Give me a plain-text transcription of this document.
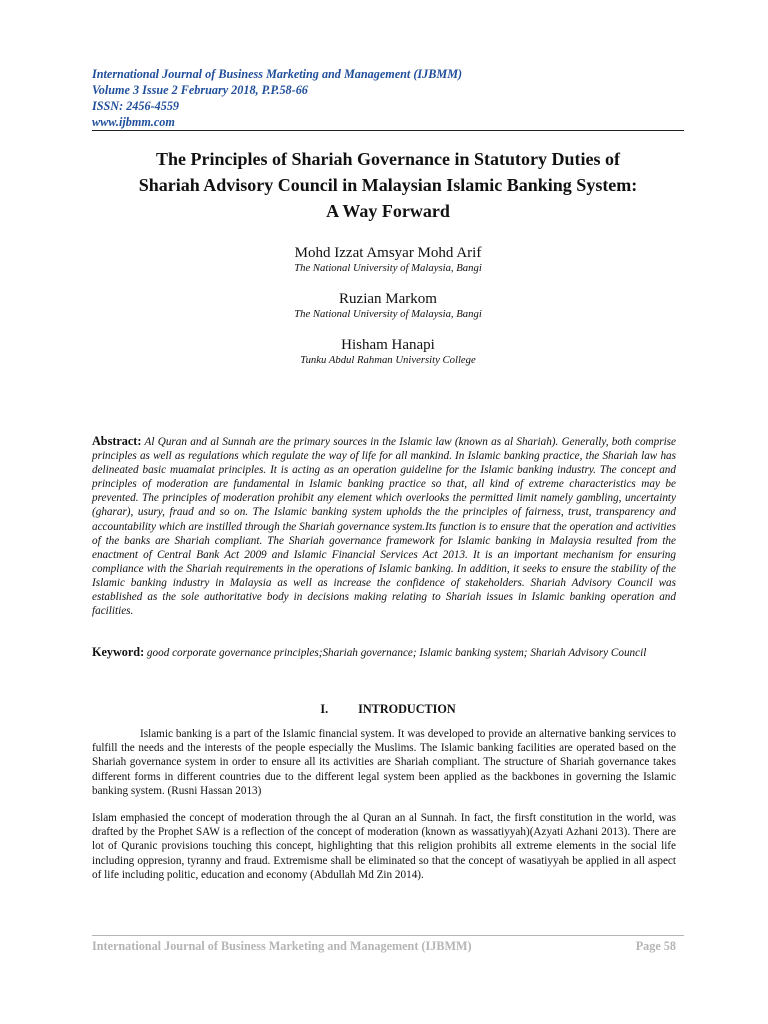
International Journal of Business Marketing and Management (IJBMM)
Volume 3 Issue 2 February 2018, P.P.58-66
ISSN: 2456-4559
www.ijbmm.com
The Principles of Shariah Governance in Statutory Duties of
Shariah Advisory Council in Malaysian Islamic Banking System:
A Way Forward
Mohd Izzat Amsyar Mohd Arif
The National University of Malaysia, Bangi
Ruzian Markom
The National University of Malaysia, Bangi
Hisham Hanapi
Tunku Abdul Rahman University College
Abstract: Al Quran and al Sunnah are the primary sources in the Islamic law (known as al Shariah). Generally, both comprise principles as well as regulations which regulate the way of life for all mankind. In Islamic banking practice, the Shariah law has delineated basic muamalat principles. It is acting as an operation guideline for the Islamic banking industry. The concept and principles of moderation are fundamental in Islamic banking practice so that, all kind of extreme characteristics may be prevented. The principles of moderation prohibit any element which overlooks the permitted limit namely gambling, uncertainty (gharar), usury, fraud and so on. The Islamic banking system upholds the the principles of fairness, trust, transparency and accountability which are instilled through the Shariah governance system.Its function is to ensure that the operation and activities of the banks are Shariah compliant. The Shariah governance framework for Islamic banking in Malaysia resulted from the enactment of Central Bank Act 2009 and Islamic Financial Services Act 2013. It is an important mechanism for ensuring compliance with the Shariah requirements in the operations of Islamic banking. In addition, it seeks to ensure the stability of the Islamic banking industry in Malaysia as well as increase the confidence of stakeholders. Shariah Advisory Council was established as the sole authoritative body in decisions making relating to Shariah issues in Islamic banking operation and facilities.
Keyword: good corporate governance principles;Shariah governance; Islamic banking system; Shariah Advisory Council
I. INTRODUCTION
Islamic banking is a part of the Islamic financial system. It was developed to provide an alternative banking services to fulfill the needs and the interests of the people especially the Muslims. The Islamic banking facilities are operated based on the Shariah governance system in order to ensure all its activities are Shariah compliant. The structure of Shariah governance takes different forms in different countries due to the different legal system been applied as the backbones in governing the Islamic banking system. (Rusni Hassan 2013)
Islam emphasied the concept of moderation through the al Quran an al Sunnah. In fact, the firsft constitution in the world, was drafted by the Prophet SAW is a reflection of the concept of moderation (known as wassatiyyah)(Azyati Azhani 2013). There are lot of Quranic provisions touching this concept, highlighting that this religion prohibits all extreme elements in the social life including oppresion, tyranny and fraud. Extremisme shall be eliminated so that the concept of wasatiyyah be applied in all aspect of life including politic, education and economy (Abdullah Md Zin 2014).
International Journal of Business Marketing and Management (IJBMM)	Page 58
